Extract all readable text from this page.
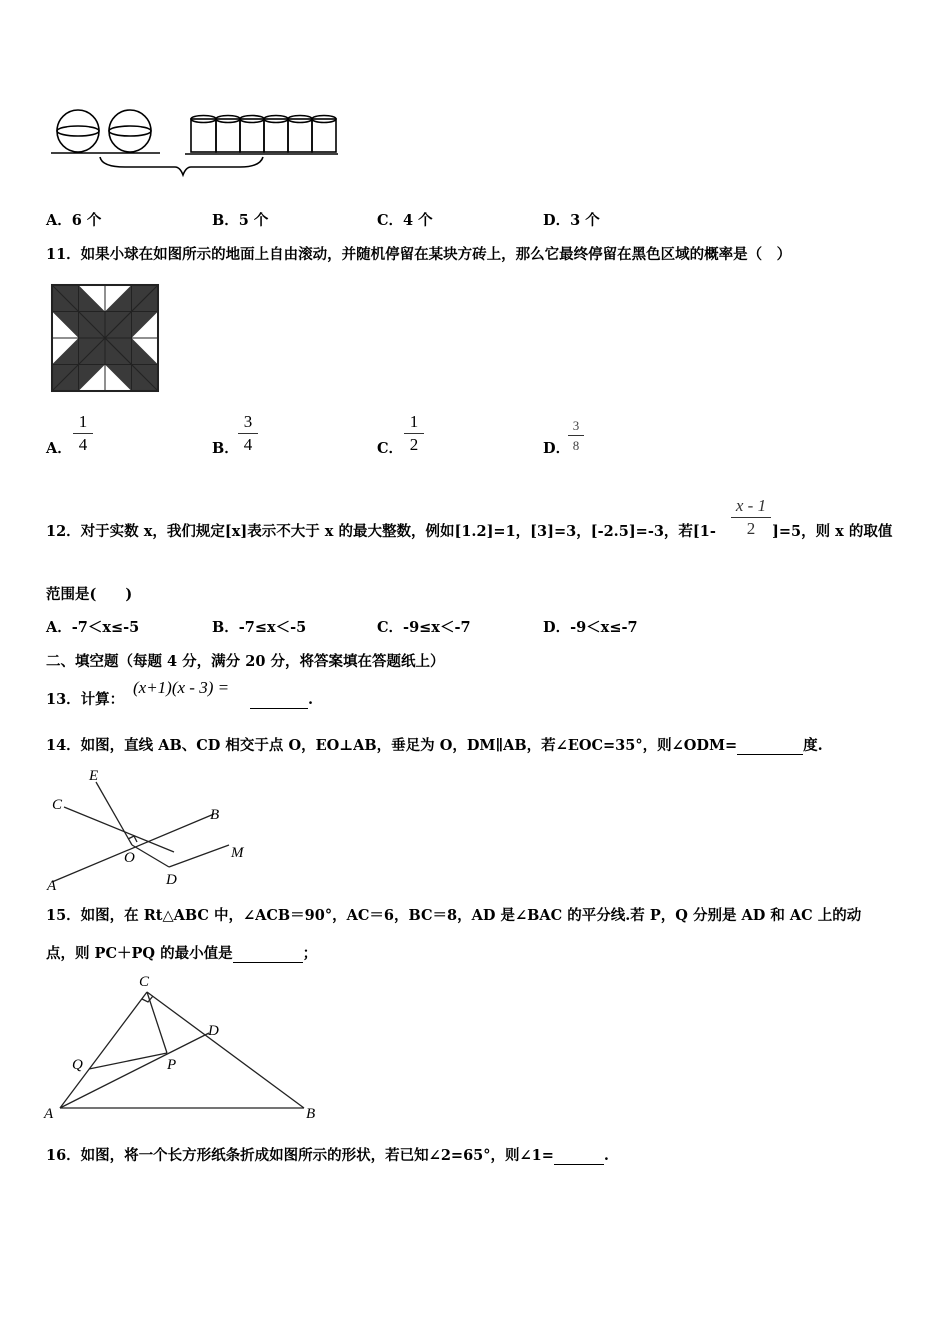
A．6 个	B．5 个	C．4 个	D．3 个
11．如果小球在如图所示的地面上自由滚动，并随机停留在某块方砖上，那么它最终停留在黑色区域的概率是（　）
A．
1
4	B．
3
4	C．
1
2	D．
3
8
12．对于实数 x，我们规定[x]表示不大于 x 的最大整数，例如[1.2]=1，[3]=3，[-2.5]=-3，若[1-
x - 1
2	]=5，则 x 的取值
范围是(　　)
A．-7＜x≤-5	B．-7≤x＜-5	C．-9≤x＜-7	D．-9＜x≤-7
二、填空题（每题 4 分，满分 20 分，将答案填在答题纸上）
13．计算：
(x+1)(x - 3) =
.
14．如图，直线 AB、CD 相交于点 O，EO⊥AB，垂足为 O，DM∥AB，若∠EOC=35°，则∠ODM=	度.
E
C
B
O	M
D
A
15．如图，在 Rt△ABC 中，∠ACB＝90°，AC＝6，BC＝8，AD 是∠BAC 的平分线.若 P，Q 分别是 AD 和 AC 上的动
点，则 PC＋PQ 的最小值是	；
C
D
Q	P
A	B
16．如图，将一个长方形纸条折成如图所示的形状，若已知∠2=65°，则∠1=	.
